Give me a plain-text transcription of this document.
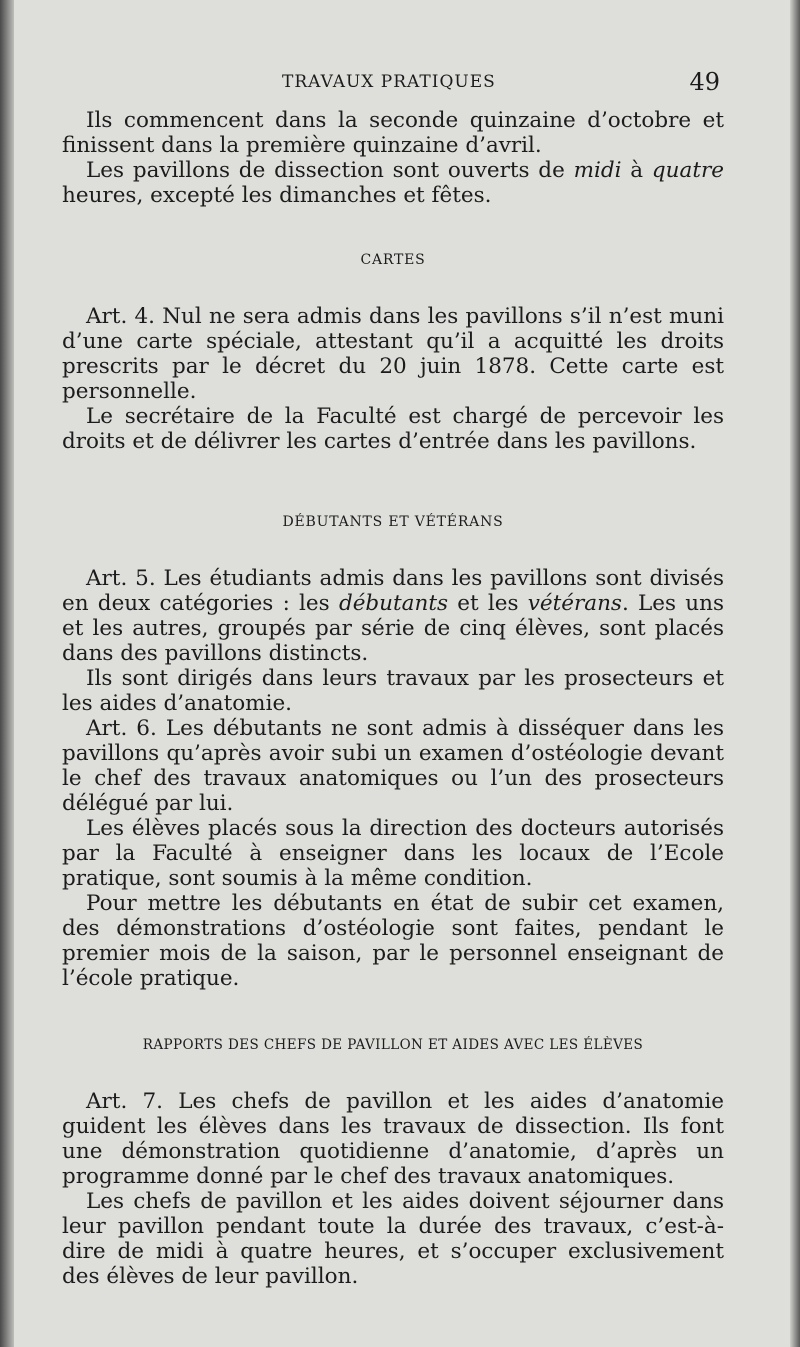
TRAVAUX PRATIQUES	49

Ils commencent dans la seconde quinzaine d’octobre et finissent dans la première quinzaine d’avril.

Les pavillons de dissection sont ouverts de midi à quatre heures, excepté les dimanches et fêtes.

CARTES

Art. 4. Nul ne sera admis dans les pavillons s’il n’est muni d’une carte spéciale, attestant qu’il a acquitté les droits prescrits par le décret du 20 juin 1878. Cette carte est personnelle.

Le secrétaire de la Faculté est chargé de percevoir les droits et de délivrer les cartes d’entrée dans les pavillons.

DÉBUTANTS ET VÉTÉRANS

Art. 5. Les étudiants admis dans les pavillons sont divisés en deux catégories : les débutants et les vétérans. Les uns et les autres, groupés par série de cinq élèves, sont placés dans des pavillons distincts.

Ils sont dirigés dans leurs travaux par les prosecteurs et les aides d’anatomie.

Art. 6. Les débutants ne sont admis à disséquer dans les pavillons qu’après avoir subi un examen d’ostéologie devant le chef des travaux anatomiques ou l’un des prosecteurs délégué par lui.

Les élèves placés sous la direction des docteurs autorisés par la Faculté à enseigner dans les locaux de l’Ecole pratique, sont soumis à la même condition.

Pour mettre les débutants en état de subir cet examen, des démonstrations d’ostéologie sont faites, pendant le premier mois de la saison, par le personnel enseignant de l’école pratique.

RAPPORTS DES CHEFS DE PAVILLON ET AIDES AVEC LES ÉLÈVES

Art. 7. Les chefs de pavillon et les aides d’anatomie guident les élèves dans les travaux de dissection. Ils font une démonstration quotidienne d’anatomie, d’après un programme donné par le chef des travaux anatomiques.

Les chefs de pavillon et les aides doivent séjourner dans leur pavillon pendant toute la durée des travaux, c’est-à-dire de midi à quatre heures, et s’occuper exclusivement des élèves de leur pavillon.
